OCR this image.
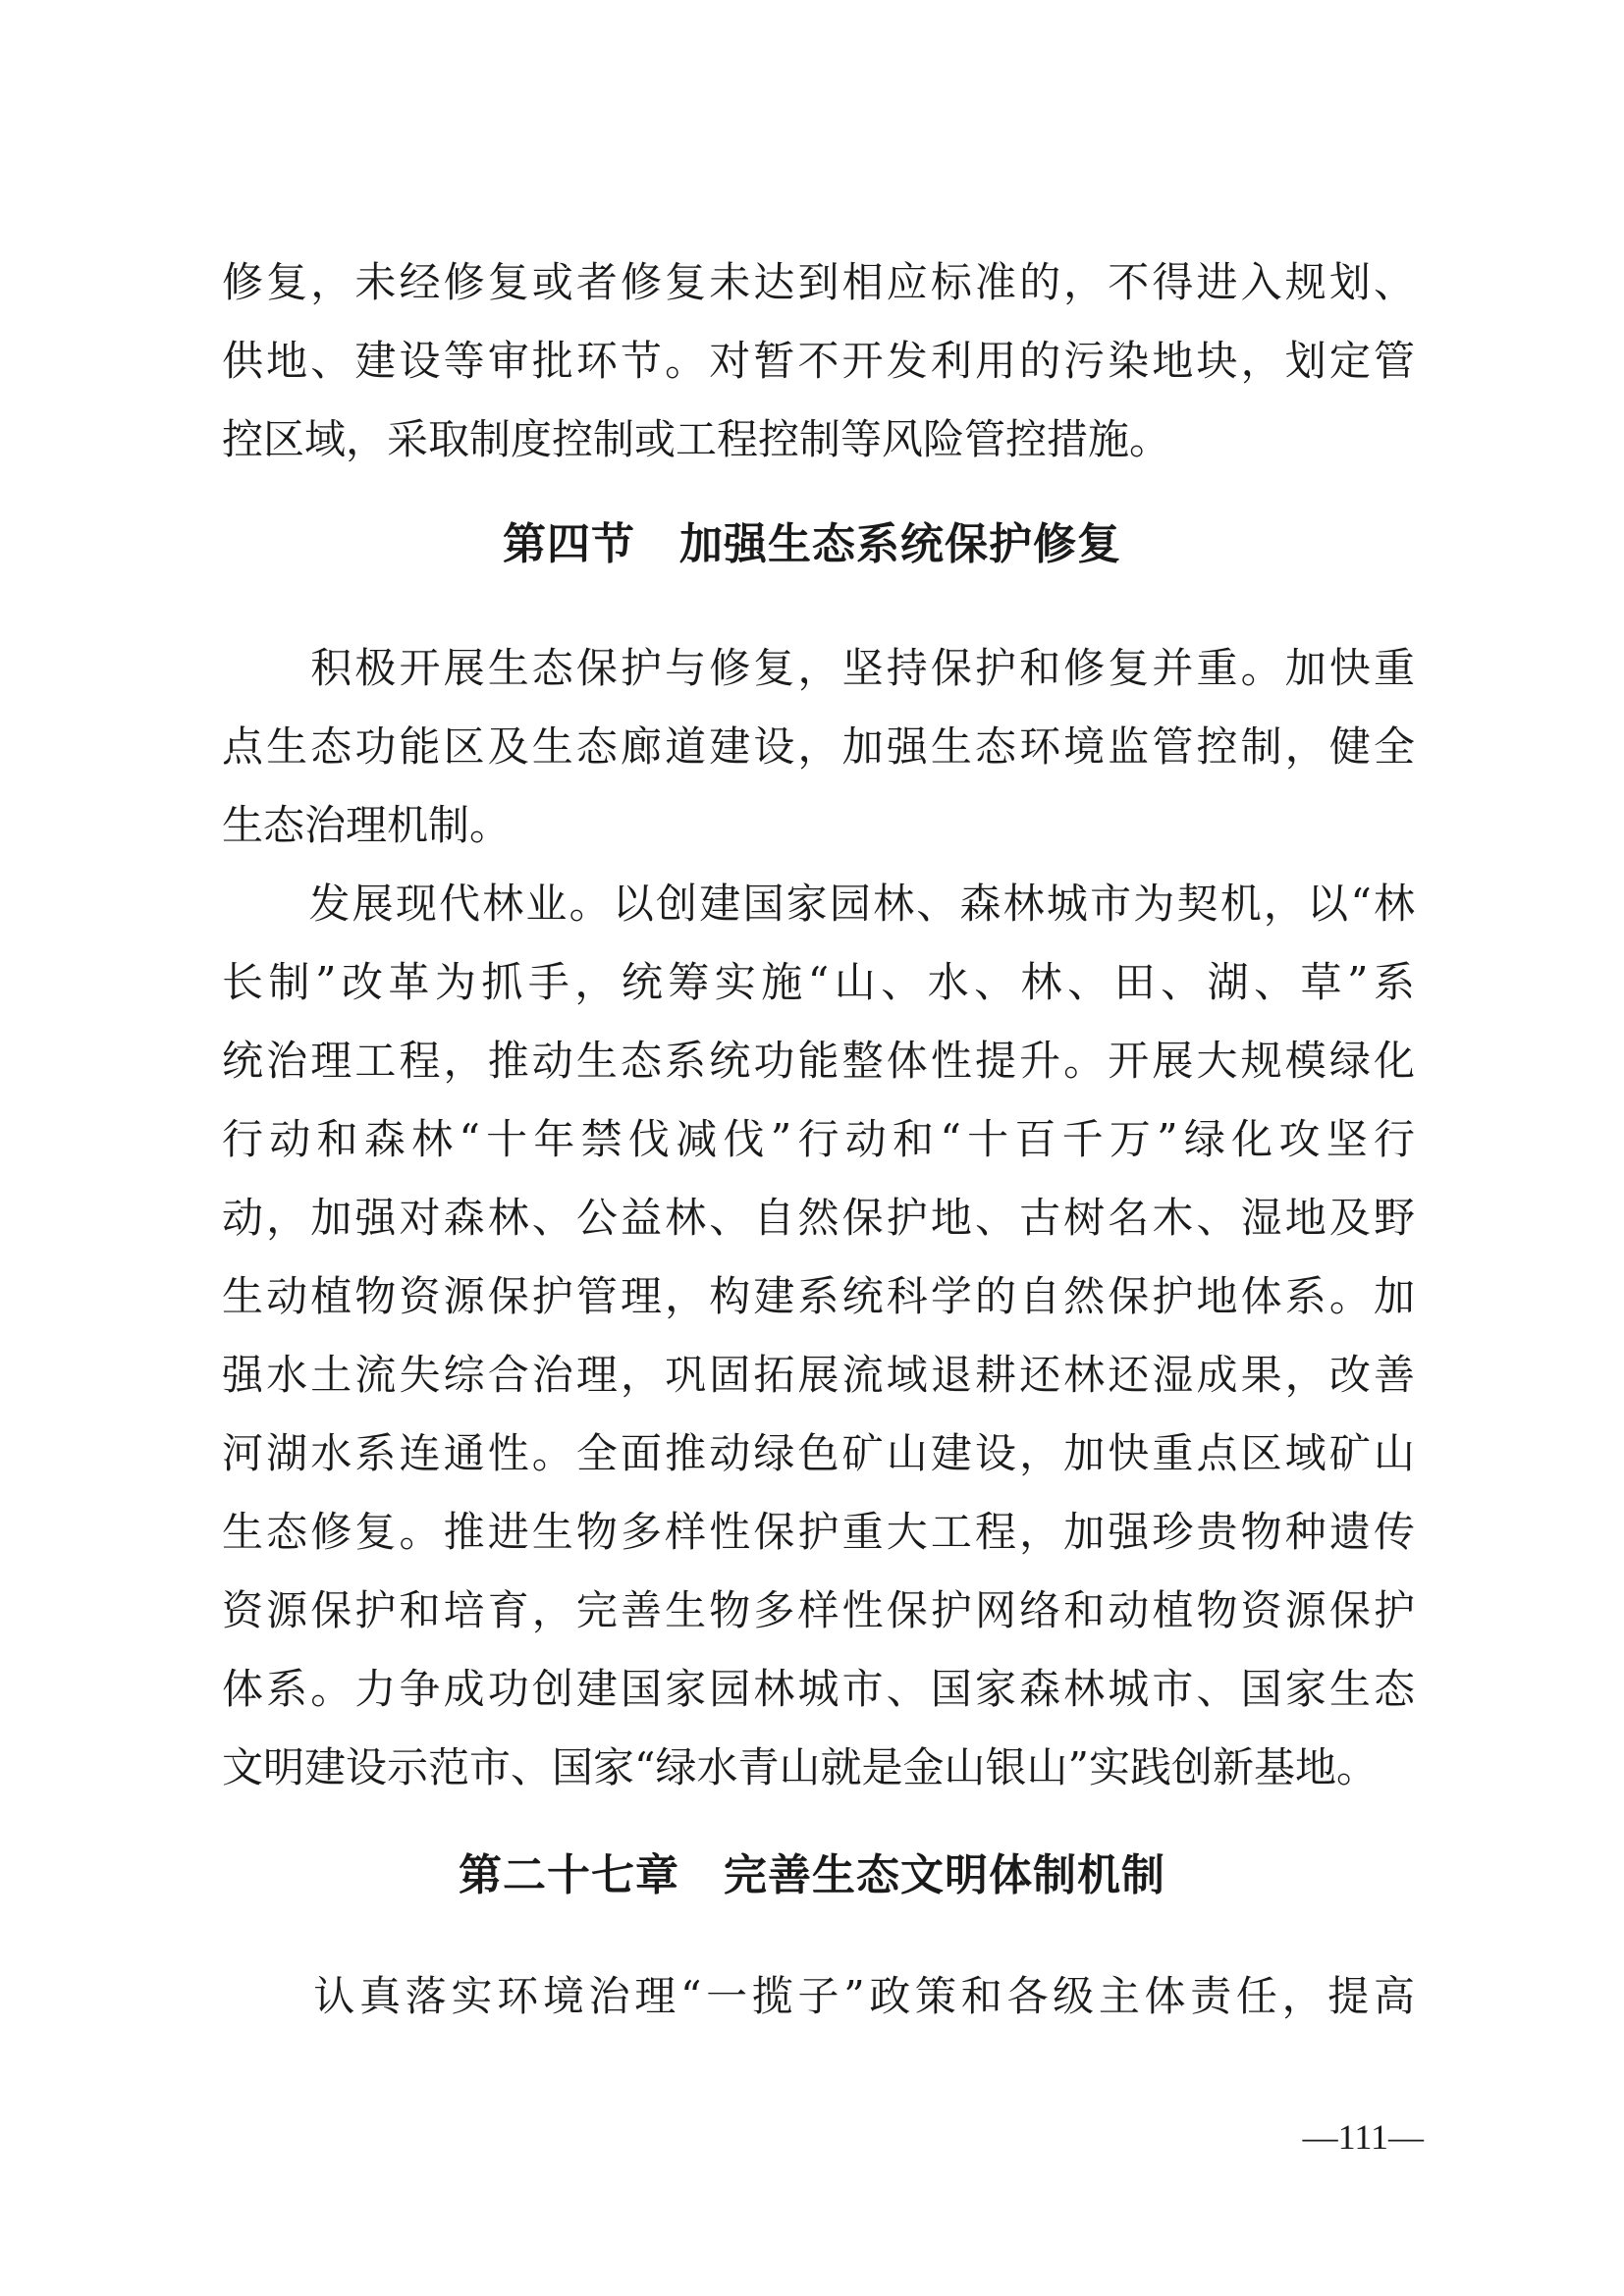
修复，未经修复或者修复未达到相应标准的，不得进入规划、
供地、建设等审批环节。对暂不开发利用的污染地块，划定管
控区域，采取制度控制或工程控制等风险管控措施。
第四节　加强生态系统保护修复
　　积极开展生态保护与修复，坚持保护和修复并重。加快重
点生态功能区及生态廊道建设，加强生态环境监管控制，健全
生态治理机制。
　　发展现代林业。以创建国家园林、森林城市为契机，以“林
长制”改革为抓手，统筹实施“山、水、林、田、湖、草”系
统治理工程，推动生态系统功能整体性提升。开展大规模绿化
行动和森林“十年禁伐减伐”行动和“十百千万”绿化攻坚行
动，加强对森林、公益林、自然保护地、古树名木、湿地及野
生动植物资源保护管理，构建系统科学的自然保护地体系。加
强水土流失综合治理，巩固拓展流域退耕还林还湿成果，改善
河湖水系连通性。全面推动绿色矿山建设，加快重点区域矿山
生态修复。推进生物多样性保护重大工程，加强珍贵物种遗传
资源保护和培育，完善生物多样性保护网络和动植物资源保护
体系。力争成功创建国家园林城市、国家森林城市、国家生态
文明建设示范市、国家“绿水青山就是金山银山”实践创新基地。
第二十七章　完善生态文明体制机制
　　认真落实环境治理“一揽子”政策和各级主体责任，提高
—111—
